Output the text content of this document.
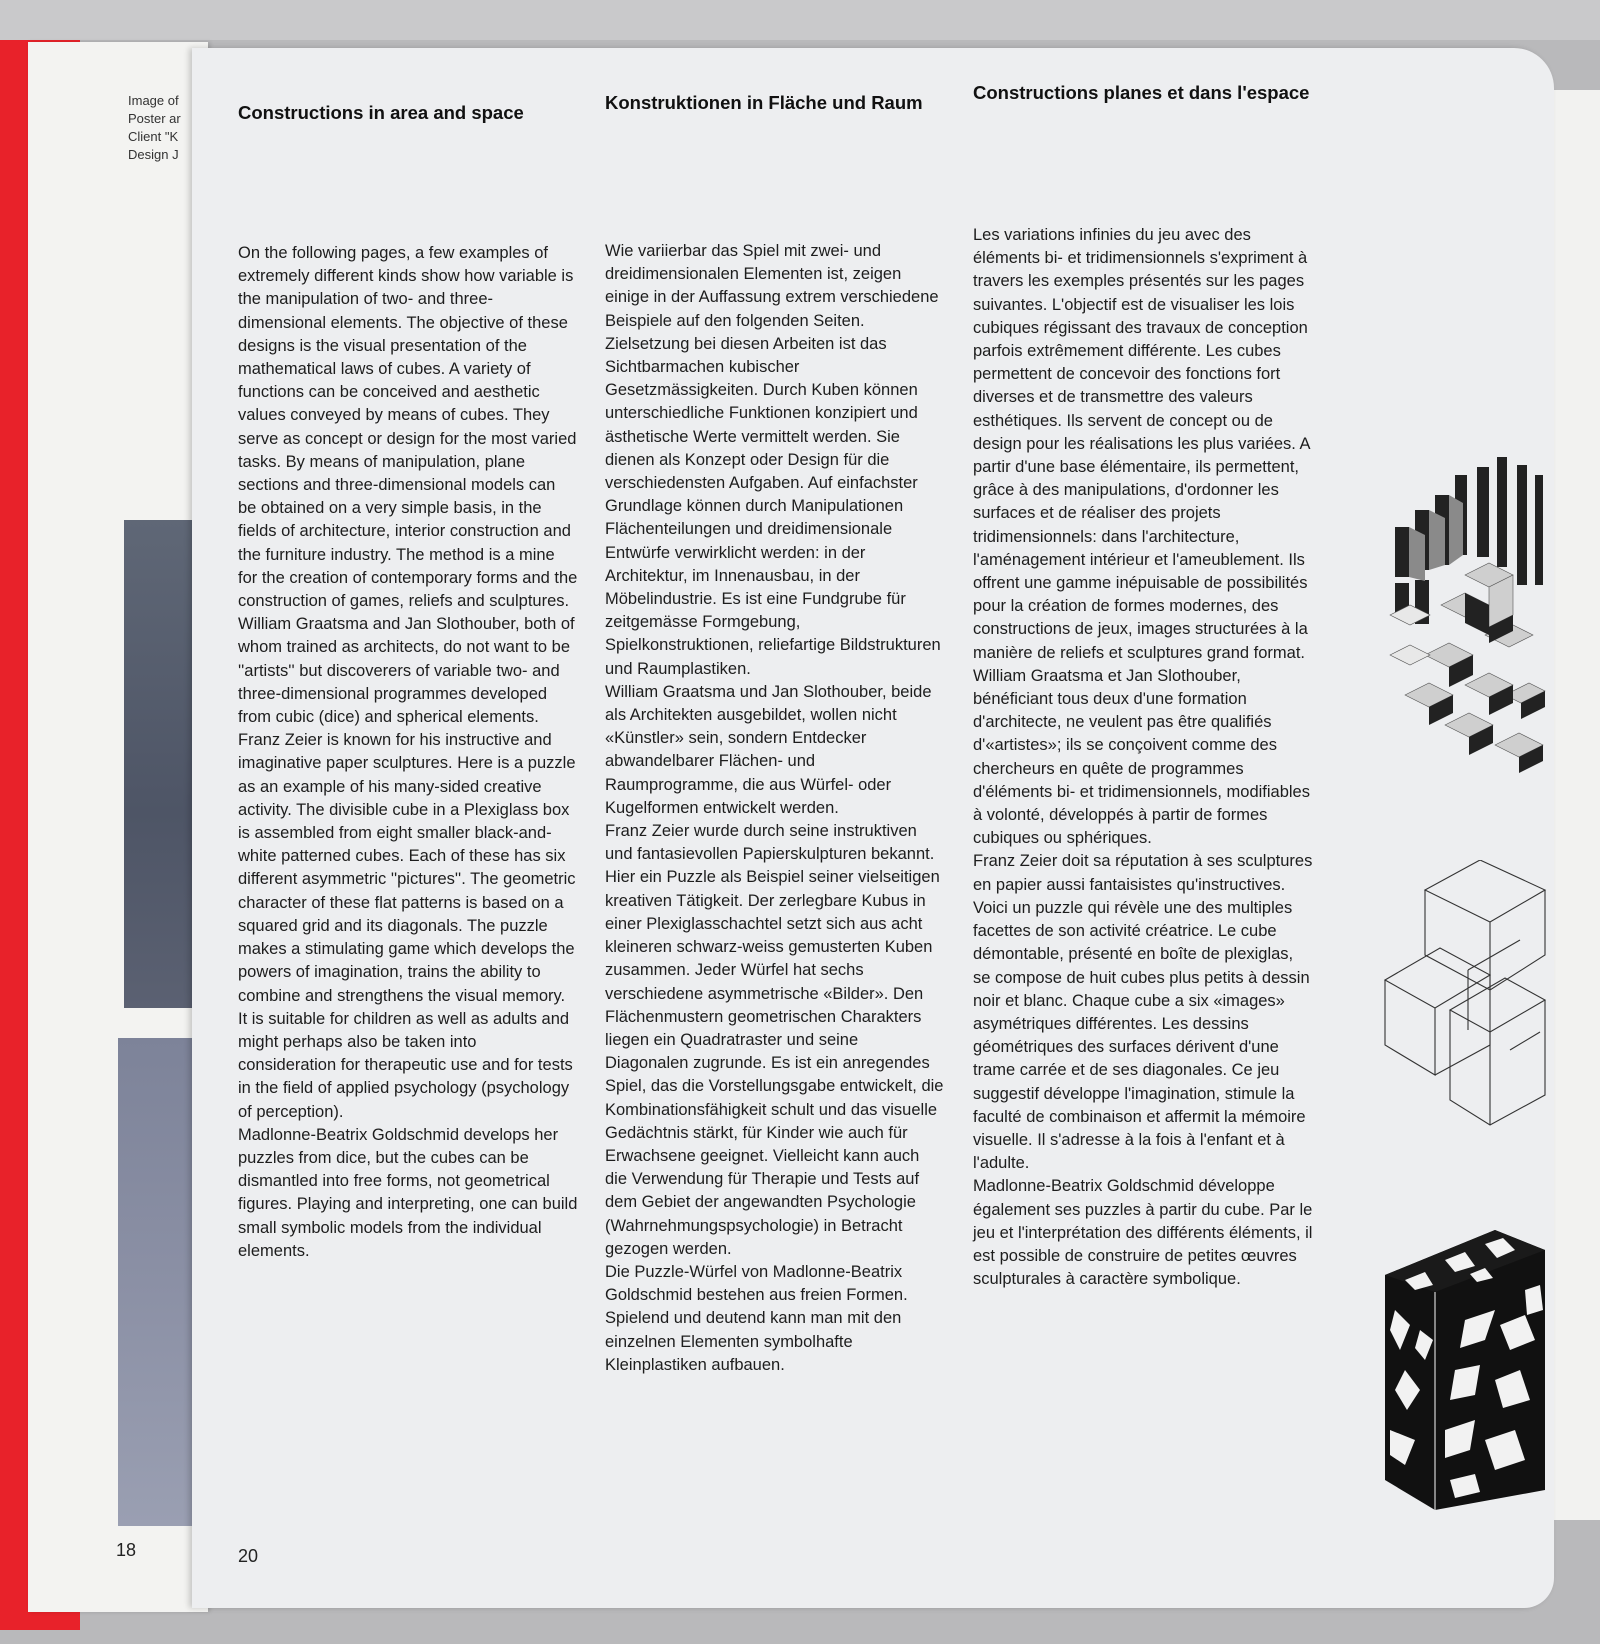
Image of
Poster ar
Client "K
Design J
18
Constructions in area and space

On the following pages, a few examples of extremely different kinds show how variable is the manipulation of two- and three-dimensional elements. The objective of these designs is the visual presentation of the mathematical laws of cubes. A variety of functions can be conceived and aesthetic values conveyed by means of cubes. They serve as concept or design for the most varied tasks. By means of manipulation, plane sections and three-dimensional models can be obtained on a very simple basis, in the fields of architecture, interior construction and the furniture industry. The method is a mine for the creation of contemporary forms and the construction of games, reliefs and sculptures.

William Graatsma and Jan Slothouber, both of whom trained as architects, do not want to be ''artists'' but discoverers of variable two- and three-dimensional programmes developed from cubic (dice) and spherical elements.

Franz Zeier is known for his instructive and imaginative paper sculptures. Here is a puzzle as an example of his many-sided creative activity. The divisible cube in a Plexiglass box is assembled from eight smaller black-and-white patterned cubes. Each of these has six different asymmetric ''pictures''. The geometric character of these flat patterns is based on a squared grid and its diagonals. The puzzle makes a stimulating game which develops the powers of imagination, trains the ability to combine and strengthens the visual memory. It is suitable for children as well as adults and might perhaps also be taken into consideration for therapeutic use and for tests in the field of applied psychology (psychology of perception).

Madlonne-Beatrix Goldschmid develops her puzzles from dice, but the cubes can be dismantled into free forms, not geometrical figures. Playing and interpreting, one can build small symbolic models from the individual elements.

Konstruktionen in Fläche und Raum

Wie variierbar das Spiel mit zwei- und dreidimensionalen Elementen ist, zeigen einige in der Auffassung extrem verschiedene Beispiele auf den folgenden Seiten. Zielsetzung bei diesen Arbeiten ist das Sichtbarmachen kubischer Gesetzmässigkeiten. Durch Kuben können unterschiedliche Funktionen konzipiert und ästhetische Werte vermittelt werden. Sie dienen als Konzept oder Design für die verschiedensten Aufgaben. Auf einfachster Grundlage können durch Manipulationen Flächenteilungen und dreidimensionale Entwürfe verwirklicht werden: in der Architektur, im Innenausbau, in der Möbelindustrie. Es ist eine Fundgrube für zeitgemässe Formgebung, Spielkonstruktionen, reliefartige Bildstrukturen und Raumplastiken.

William Graatsma und Jan Slothouber, beide als Architekten ausgebildet, wollen nicht «Künstler» sein, sondern Entdecker abwandelbarer Flächen- und Raumprogramme, die aus Würfel- oder Kugelformen entwickelt werden.

Franz Zeier wurde durch seine instruktiven und fantasievollen Papierskulpturen bekannt. Hier ein Puzzle als Beispiel seiner vielseitigen kreativen Tätigkeit. Der zerlegbare Kubus in einer Plexiglasschachtel setzt sich aus acht kleineren schwarz-weiss gemusterten Kuben zusammen. Jeder Würfel hat sechs verschiedene asymmetrische «Bilder». Den Flächenmustern geometrischen Charakters liegen ein Quadratraster und seine Diagonalen zugrunde. Es ist ein anregendes Spiel, das die Vorstellungsgabe entwickelt, die Kombinationsfähigkeit schult und das visuelle Gedächtnis stärkt, für Kinder wie auch für Erwachsene geeignet. Vielleicht kann auch die Verwendung für Therapie und Tests auf dem Gebiet der angewandten Psychologie (Wahrnehmungspsychologie) in Betracht gezogen werden.

Die Puzzle-Würfel von Madlonne-Beatrix Goldschmid bestehen aus freien Formen. Spielend und deutend kann man mit den einzelnen Elementen symbolhafte Kleinplastiken aufbauen.

Constructions planes et dans l'espace

Les variations infinies du jeu avec des éléments bi- et tridimensionnels s'expriment à travers les exemples présentés sur les pages suivantes. L'objectif est de visualiser les lois cubiques régissant des travaux de conception parfois extrêmement différente. Les cubes permettent de concevoir des fonctions fort diverses et de transmettre des valeurs esthétiques. Ils servent de concept ou de design pour les réalisations les plus variées. A partir d'une base élémentaire, ils permettent, grâce à des manipulations, d'ordonner les surfaces et de réaliser des projets tridimensionnels: dans l'architecture, l'aménagement intérieur et l'ameublement. Ils offrent une gamme inépuisable de possibilités pour la création de formes modernes, des constructions de jeux, images structurées à la manière de reliefs et sculptures grand format.

William Graatsma et Jan Slothouber, bénéficiant tous deux d'une formation d'architecte, ne veulent pas être qualifiés d'«artistes»; ils se conçoivent comme des chercheurs en quête de programmes d'éléments bi- et tridimensionnels, modifiables à volonté, développés à partir de formes cubiques ou sphériques.

Franz Zeier doit sa réputation à ses sculptures en papier aussi fantaisistes qu'instructives. Voici un puzzle qui révèle une des multiples facettes de son activité créatrice. Le cube démontable, présenté en boîte de plexiglas, se compose de huit cubes plus petits à dessin noir et blanc. Chaque cube a six «images» asymétriques différentes. Les dessins géométriques des surfaces dérivent d'une trame carrée et de ses diagonales. Ce jeu suggestif développe l'imagination, stimule la faculté de combinaison et affermit la mémoire visuelle. Il s'adresse à la fois à l'enfant et à l'adulte.

Madlonne-Beatrix Goldschmid développe également ses puzzles à partir du cube. Par le jeu et l'interprétation des différents éléments, il est possible de construire de petites œuvres sculpturales à caractère symbolique.

20
